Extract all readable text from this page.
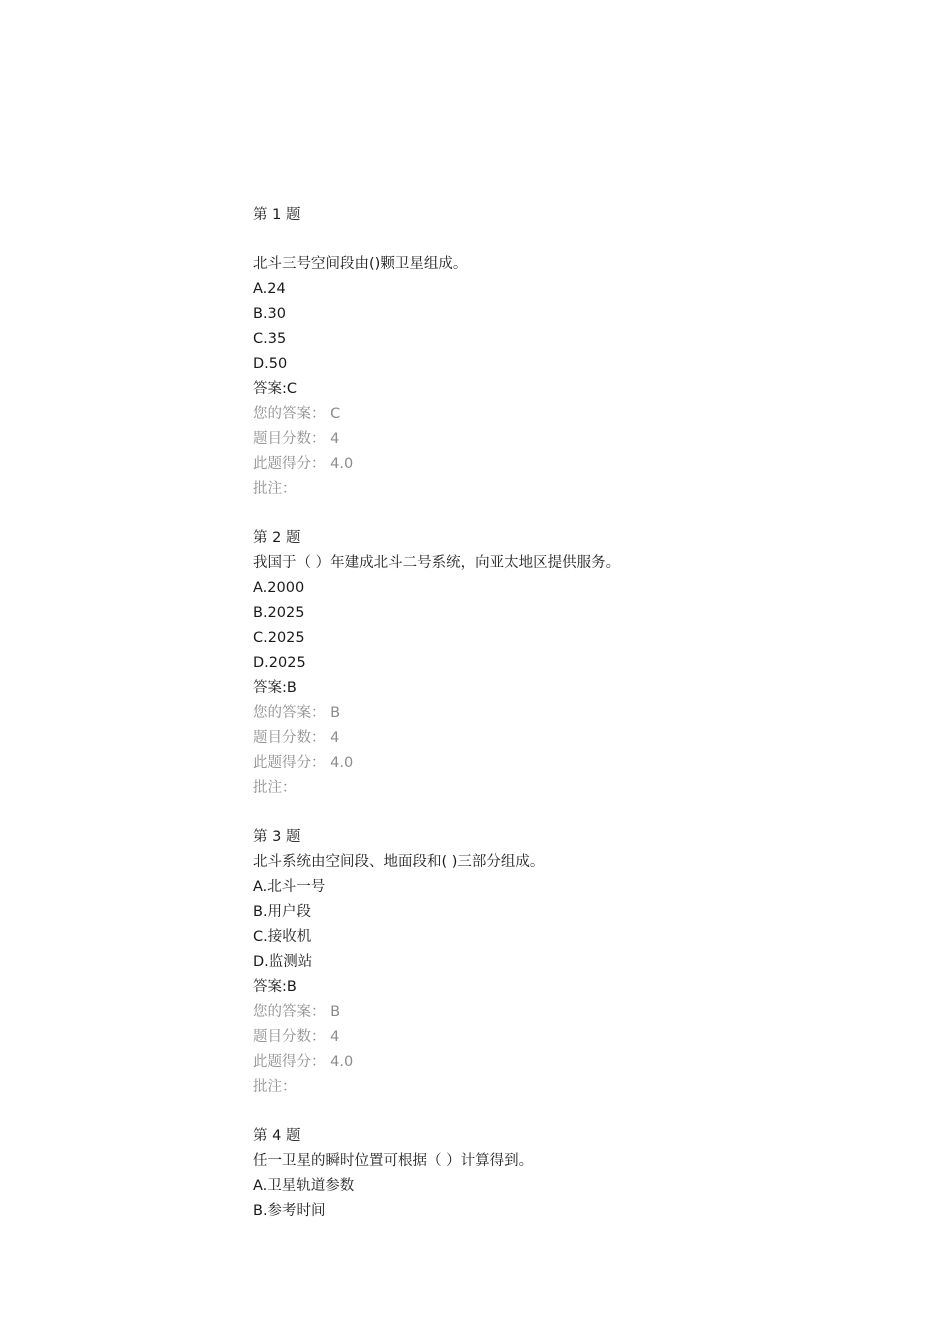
第 1 题
北斗三号空间段由()颗卫星组成。
A.24
B.30
C.35
D.50
答案:C
您的答案： C
题目分数： 4
此题得分： 4.0
批注：
第 2 题
我国于（ ）年建成北斗二号系统，向亚太地区提供服务。
A.2000
B.2025
C.2025
D.2025
答案:B
您的答案： B
题目分数： 4
此题得分： 4.0
批注：
第 3 题
北斗系统由空间段、地面段和( )三部分组成。
A.北斗一号
B.用户段
C.接收机
D.监测站
答案:B
您的答案： B
题目分数： 4
此题得分： 4.0
批注：
第 4 题
任一卫星的瞬时位置可根据（ ）计算得到。
A.卫星轨道参数
B.参考时间
